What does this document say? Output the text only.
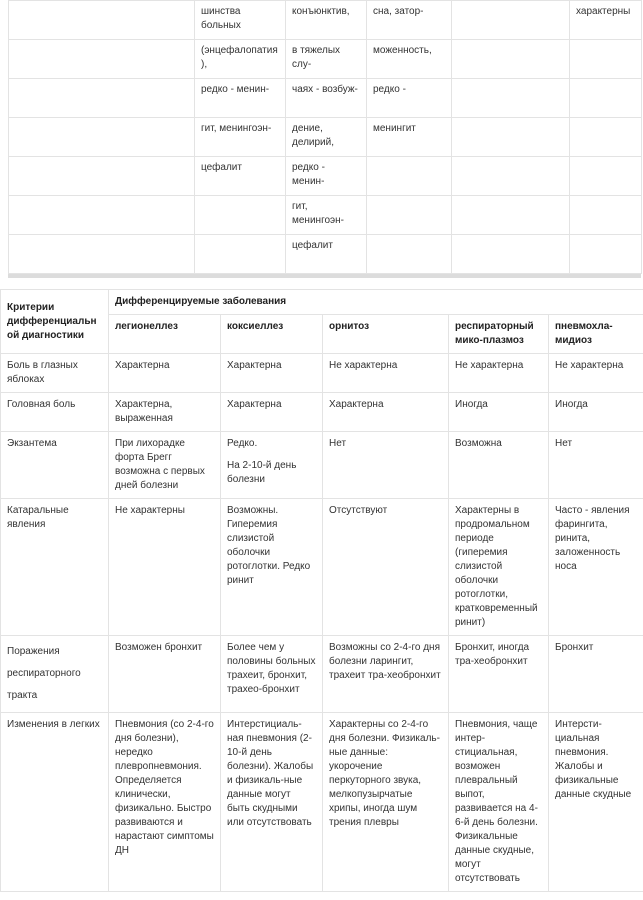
	шинства больных	конъюнктив,	сна, затор-		характерны
	(энцефалопатия),	в тяжелых слу-	моженность,		
	редко - менин-	чаях - возбуж-	редко -		
	гит, менингоэн-	дение, делирий,	менингит		
	цефалит	редко - менин-			
		гит, менингоэн-			
		цефалит			
Критерии дифференциальной диагностики	Дифференцируемые заболевания				
	легионеллез	коксиеллез	орнитоз	респираторный мико-плазмоз	пневмохла-мидиоз
Боль в глазных яблоках	Характерна	Характерна	Не характерна	Не характерна	Не характерна
Головная боль	Характерна, выраженная	Характерна	Характерна	Иногда	Иногда
Экзантема	При лихорадке форта Брегг возможна с первых дней болезни	Редко.
На 2-10-й день болезни	Нет	Возможна	Нет
Катаральные явления	Не характерны	Возможны. Гиперемия слизистой оболочки ротоглотки. Редко ринит	Отсутствуют	Характерны в продромальном периоде (гиперемия слизистой оболочки ротоглотки, кратковременный ринит)	Часто - явления фарингита, ринита, заложенность носа
Поражения респираторного тракта	Возможен бронхит	Более чем у половины больных трахеит, бронхит, трахео-бронхит	Возможны со 2-4-го дня болезни ларингит, трахеит тра-хеобронхит	Бронхит, иногда тра-хеобронхит	Бронхит
Изменения в легких	Пневмония (со 2-4-го дня болезни), нередко плевропневмония. Определяется клинически, физикально. Быстро развиваются и нарастают симптомы ДН	Интерстициаль-ная пневмония (2-10-й день болезни). Жалобы и физикаль-ные данные могут быть скудными или отсутствовать	Характерны со 2-4-го дня болезни. Физикаль-ные данные: укорочение перкуторного звука, мелкопузырчатые хрипы, иногда шум трения плевры	Пневмония, чаще интер-стициальная, возможен плевральный выпот, развивается на 4-6-й день болезни. Физикальные данные скудные, могут отсутствовать	Интерсти-циальная пневмония. Жалобы и физикальные данные скудные
